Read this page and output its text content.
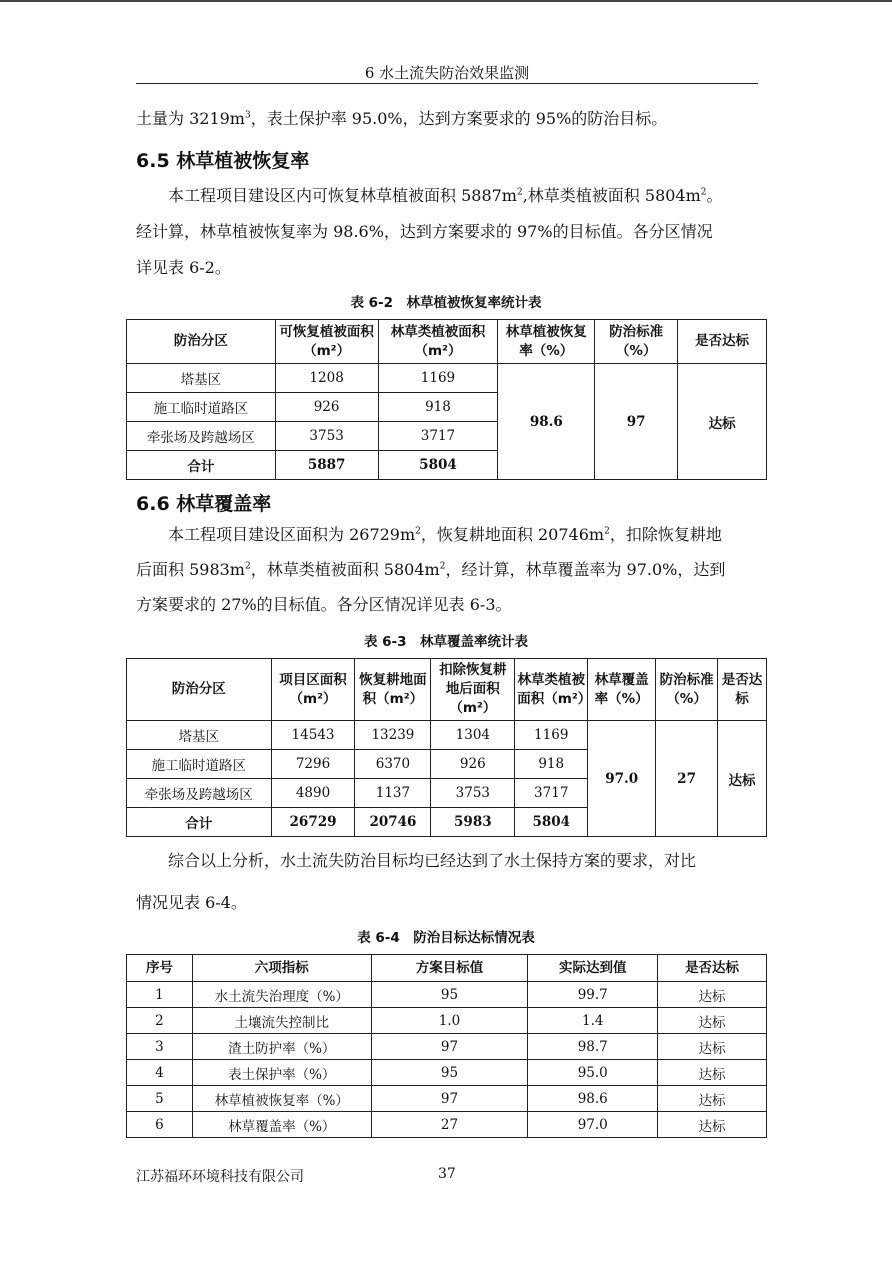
6 水土流失防治效果监测

土量为 $3219m^3$，表土保护率 95.0%，达到方案要求的 95%的防治目标。

6.5 林草植被恢复率

本工程项目建设区内可恢复林草植被面积 $5887m^2$,林草类植被面积 $5804m^2$。

经计算，林草植被恢复率为 98.6%，达到方案要求的 97%的目标值。各分区情况

详见表 6-2。

表 6-2　林草植被恢复率统计表
防治分区	可恢复植被面积（m²）	林草类植被面积（m²）	林草植被恢复率（%）	防治标准（%）	是否达标
塔基区	1208	1169	98.6	97	达标
施工临时道路区	926	918			
牵张场及跨越场区	3753	3717			
合计	5887	5804			
6.6 林草覆盖率

本工程项目建设区面积为 $26729m^2$，恢复耕地面积 $20746m^2$，扣除恢复耕地

后面积 $5983m^2$，林草类植被面积 $5804m^2$，经计算，林草覆盖率为 97.0%，达到

方案要求的 27%的目标值。各分区情况详见表 6-3。

表 6-3　林草覆盖率统计表
防治分区	项目区面积（m²）	恢复耕地面积（m²）	扣除恢复耕地后面积（m²）	林草类植被面积（m²）	林草覆盖率（%）	防治标准（%）	是否达标
塔基区	14543	13239	1304	1169	97.0	27	达标
施工临时道路区	7296	6370	926	918			
牵张场及跨越场区	4890	1137	3753	3717			
合计	26729	20746	5983	5804			

综合以上分析，水土流失防治目标均已经达到了水土保持方案的要求，对比

情况见表 6-4。

表 6-4　防治目标达标情况表
序号	六项指标	方案目标值	实际达到值	是否达标
1	水土流失治理度（%）	95	99.7	达标
2	土壤流失控制比	1.0	1.4	达标
3	渣土防护率（%）	97	98.7	达标
4	表土保护率（%）	95	95.0	达标
5	林草植被恢复率（%）	97	98.6	达标
6	林草覆盖率（%）	27	97.0	达标
江苏福环环境科技有限公司	37
